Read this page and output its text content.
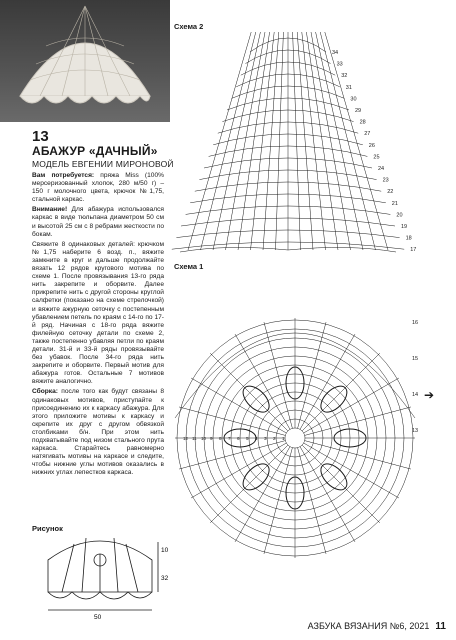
13
АБАЖУР «ДАЧНЫЙ»
МОДЕЛЬ ЕВГЕНИИ МИРОНОВОЙ

Вам потребуется: пряжа Miss (100% мерсеризованный хлопок, 280 м/50 г) – 150 г молочного цвета, крючок №1,75, стальной каркас.

Внимание! Для абажура использовался каркас в виде тюльпана диаметром 50 см и высотой 25 см с 8 ребрами жесткости по бокам.

Свяжите 8 одинаковых деталей: крючком №1,75 наберите 6 возд. п., вяжите замкните в круг и дальше продолжайте вязать 12 рядов кругового мотива по схеме 1. После провязывания 13-го ряда нить закрепите и оборвите. Далее прикрепите нить с другой стороны круглой салфетки (показано на схеме стрелочкой) и вяжите ажурную сеточку с постепенным убавлением петель по краям с 14-го по 17-й ряд. Начиная с 18-го ряда вяжите филейную сеточку детали по схеме 2, также постепенно убавляя петли по краям детали. 31-й и 33-й ряды провязывайте без убавок. После 34-го ряда нить закрепите и оборвите. Первый мотив для абажура готов. Остальные 7 мотивов вяжите аналогично.

Сборка: после того как будут связаны 8 одинаковых мотивов, приступайте к присоединению их к каркасу абажура. Для этого приложите мотивы к каркасу и скрепите их друг с другом обвязкой столбиками б/н. При этом нить подхватывайте под низом стального прута каркаса. Старайтесь равномерно натягивать мотивы на каркасе и следите, чтобы нижние углы мотивов оказались в нижних углах лепестков каркаса.

Рисунок
10
32
50
Схема 2
34
33
32
31
30
29
28
27
26
25
24
23
22
21
20
19
18
17
Схема 1
16
15
14
13
1
2
3
4
5
6
7
8
9
10
11
12
➔
АЗБУКА ВЯЗАНИЯ №6, 2021 11
